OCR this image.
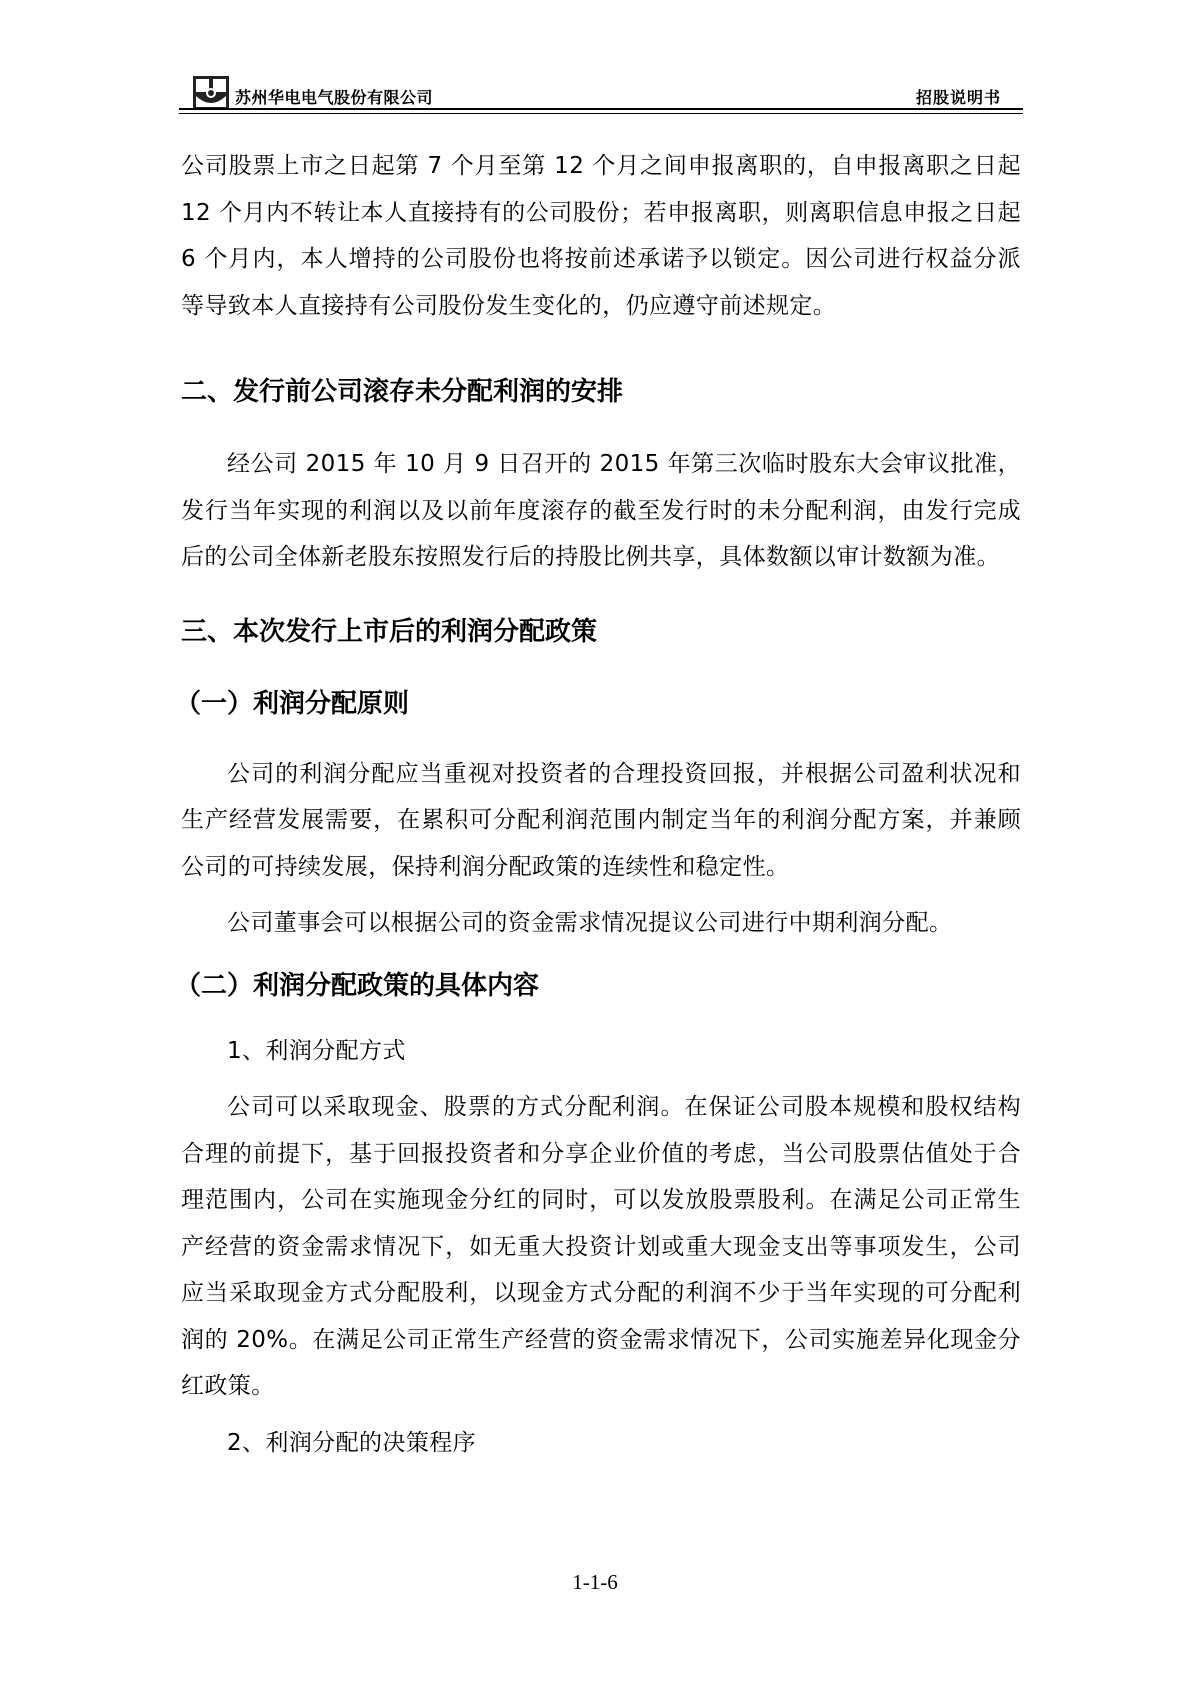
苏州华电电气股份有限公司	招股说明书

公司股票上市之日起第 7 个月至第 12 个月之间申报离职的，自申报离职之日起 12 个月内不转让本人直接持有的公司股份；若申报离职，则离职信息申报之日起 6 个月内，本人增持的公司股份也将按前述承诺予以锁定。因公司进行权益分派等导致本人直接持有公司股份发生变化的，仍应遵守前述规定。

二、发行前公司滚存未分配利润的安排

经公司 2015 年 10 月 9 日召开的 2015 年第三次临时股东大会审议批准，发行当年实现的利润以及以前年度滚存的截至发行时的未分配利润，由发行完成后的公司全体新老股东按照发行后的持股比例共享，具体数额以审计数额为准。

三、本次发行上市后的利润分配政策
（一）利润分配原则

公司的利润分配应当重视对投资者的合理投资回报，并根据公司盈利状况和生产经营发展需要，在累积可分配利润范围内制定当年的利润分配方案，并兼顾公司的可持续发展，保持利润分配政策的连续性和稳定性。

公司董事会可以根据公司的资金需求情况提议公司进行中期利润分配。

（二）利润分配政策的具体内容

1、利润分配方式

公司可以采取现金、股票的方式分配利润。在保证公司股本规模和股权结构合理的前提下，基于回报投资者和分享企业价值的考虑，当公司股票估值处于合理范围内，公司在实施现金分红的同时，可以发放股票股利。在满足公司正常生产经营的资金需求情况下，如无重大投资计划或重大现金支出等事项发生，公司应当采取现金方式分配股利，以现金方式分配的利润不少于当年实现的可分配利润的 20%。在满足公司正常生产经营的资金需求情况下，公司实施差异化现金分红政策。

2、利润分配的决策程序

1-1-6
